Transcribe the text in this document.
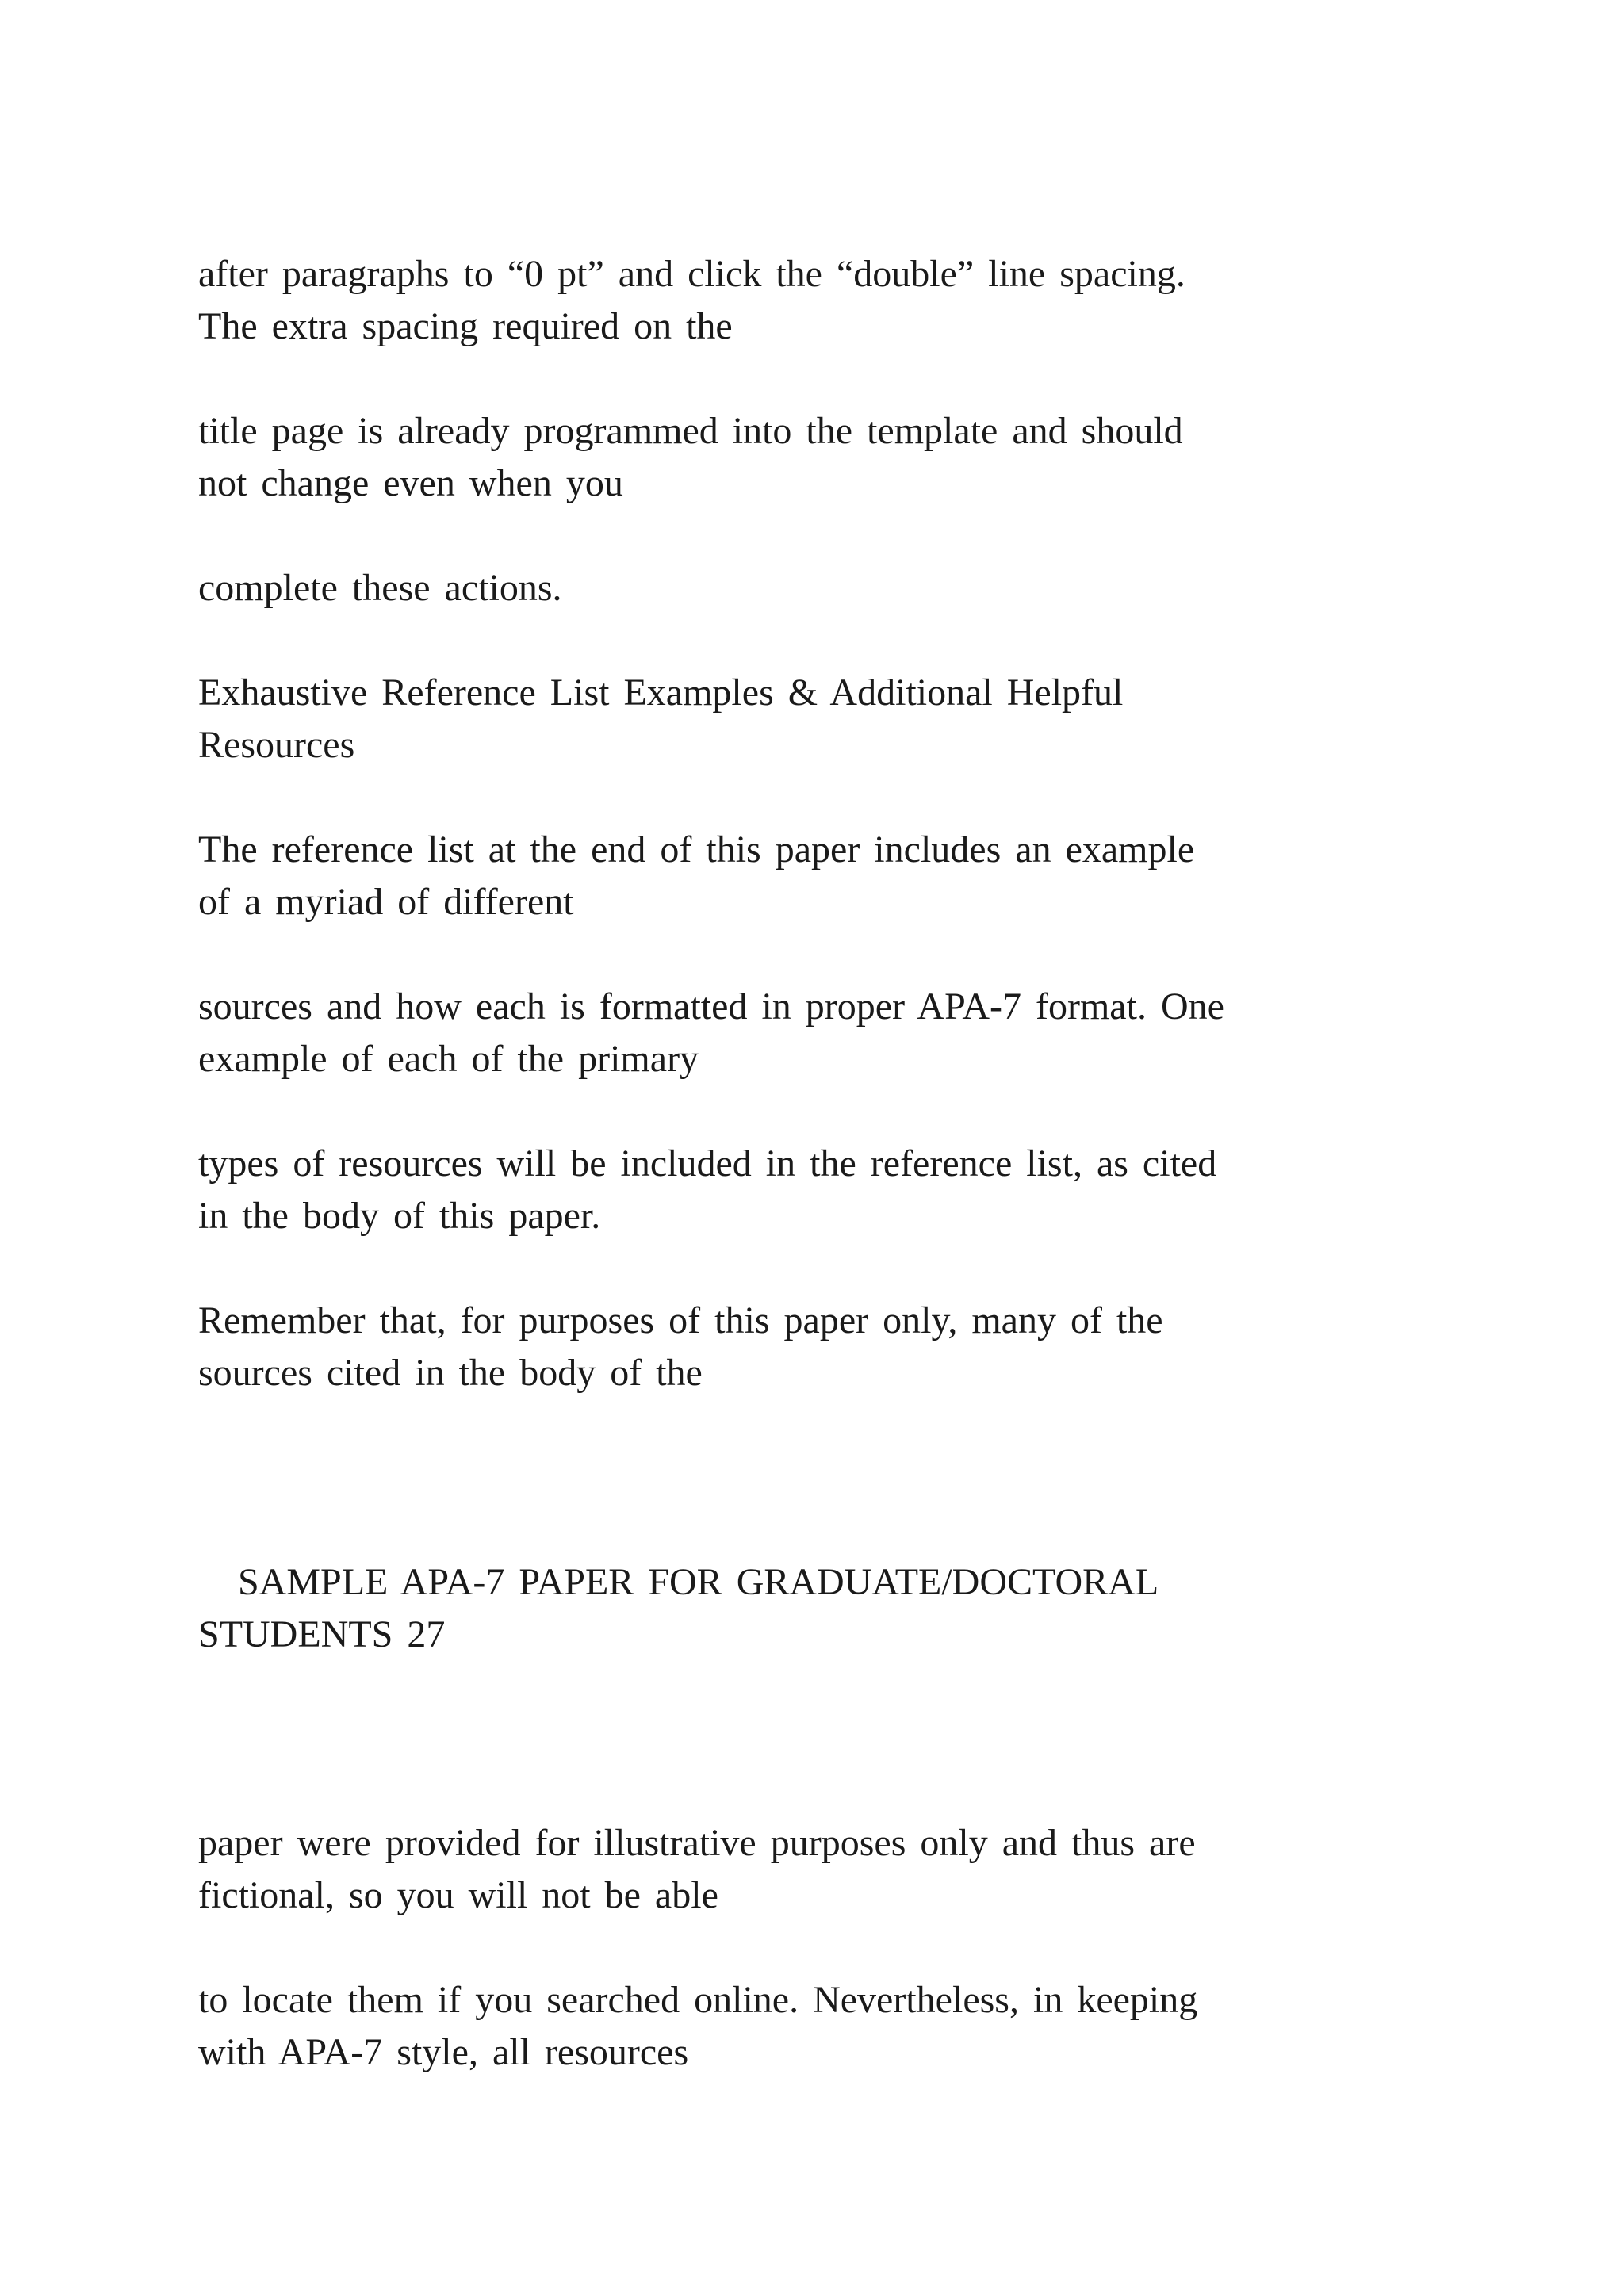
after paragraphs to “0 pt” and click the “double” line spacing.
The extra spacing required on the

title page is already programmed into the template and should
not change even when you

complete these actions.

Exhaustive Reference List Examples & Additional Helpful
Resources

The reference list at the end of this paper includes an example
of a myriad of different

sources and how each is formatted in proper APA-7 format. One
example of each of the primary

types of resources will be included in the reference list, as cited
in the body of this paper.

Remember that, for purposes of this paper only, many of the
sources cited in the body of the

SAMPLE APA-7 PAPER FOR GRADUATE/DOCTORAL
STUDENTS 27

paper were provided for illustrative purposes only and thus are
fictional, so you will not be able

to locate them if you searched online. Nevertheless, in keeping
with APA-7 style, all resources
